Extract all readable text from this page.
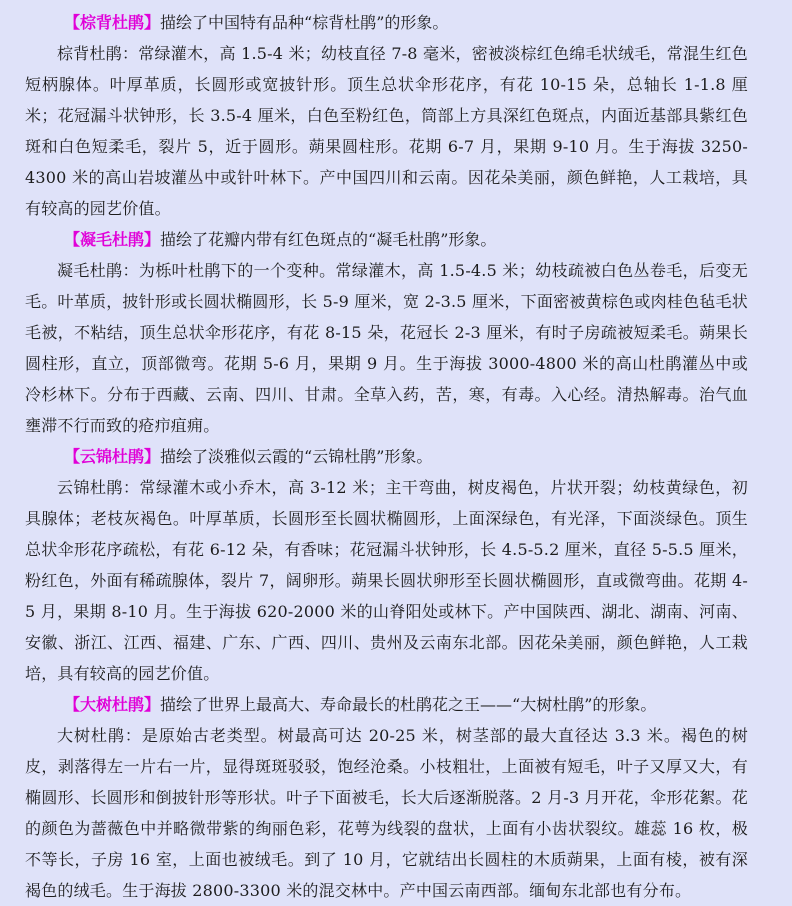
【棕背杜鹃】描绘了中国特有品种“棕背杜鹃”的形象。

棕背杜鹃：常绿灌木，高 1.5-4 米；幼枝直径 7-8 毫米，密被淡棕红色绵毛状绒毛，常混生红色短柄腺体。叶厚革质，长圆形或宽披针形。顶生总状伞形花序，有花 10-15 朵，总轴长 1-1.8 厘米；花冠漏斗状钟形，长 3.5-4 厘米，白色至粉红色，筒部上方具深红色斑点，内面近基部具紫红色斑和白色短柔毛，裂片 5，近于圆形。蒴果圆柱形。花期 6-7 月，果期 9-10 月。生于海拔 3250-4300 米的高山岩坡灌丛中或针叶林下。产中国四川和云南。因花朵美丽，颜色鲜艳，人工栽培，具有较高的园艺价值。

【凝毛杜鹃】描绘了花瓣内带有红色斑点的“凝毛杜鹃”形象。

凝毛杜鹃：为栎叶杜鹃下的一个变种。常绿灌木，高 1.5-4.5 米；幼枝疏被白色丛卷毛，后变无毛。叶革质，披针形或长圆状椭圆形，长 5-9 厘米，宽 2-3.5 厘米，下面密被黄棕色或肉桂色毡毛状毛被，不粘结，顶生总状伞形花序，有花 8-15 朵，花冠长 2-3 厘米，有时子房疏被短柔毛。蒴果长圆柱形，直立，顶部微弯。花期 5-6 月，果期 9 月。生于海拔 3000-4800 米的高山杜鹃灌丛中或冷杉林下。分布于西藏、云南、四川、甘肃。全草入药，苦，寒，有毒。入心经。清热解毒。治气血壅滞不行而致的疮疖疽痈。

【云锦杜鹃】描绘了淡雅似云霞的“云锦杜鹃”形象。

云锦杜鹃：常绿灌木或小乔木，高 3-12 米；主干弯曲，树皮褐色，片状开裂；幼枝黄绿色，初具腺体；老枝灰褐色。叶厚革质，长圆形至长圆状椭圆形，上面深绿色，有光泽，下面淡绿色。顶生总状伞形花序疏松，有花 6-12 朵，有香味；花冠漏斗状钟形，长 4.5-5.2 厘米，直径 5-5.5 厘米，粉红色，外面有稀疏腺体，裂片 7，阔卵形。蒴果长圆状卵形至长圆状椭圆形，直或微弯曲。花期 4-5 月，果期 8-10 月。生于海拔 620-2000 米的山脊阳处或林下。产中国陕西、湖北、湖南、河南、安徽、浙江、江西、福建、广东、广西、四川、贵州及云南东北部。因花朵美丽，颜色鲜艳，人工栽培，具有较高的园艺价值。

【大树杜鹃】描绘了世界上最高大、寿命最长的杜鹃花之王——“大树杜鹃”的形象。

大树杜鹃：是原始古老类型。树最高可达 20-25 米，树茎部的最大直径达 3.3 米。褐色的树皮，剥落得左一片右一片，显得斑斑驳驳，饱经沧桑。小枝粗壮，上面被有短毛，叶子又厚又大，有椭圆形、长圆形和倒披针形等形状。叶子下面被毛，长大后逐渐脱落。2 月-3 月开花，伞形花絮。花的颜色为蔷薇色中并略微带紫的绚丽色彩，花萼为线裂的盘状，上面有小齿状裂纹。雄蕊 16 枚，极不等长，子房 16 室，上面也被绒毛。到了 10 月，它就结出长圆柱的木质蒴果，上面有棱，被有深褐色的绒毛。生于海拔 2800-3300 米的混交林中。产中国云南西部。缅甸东北部也有分布。
